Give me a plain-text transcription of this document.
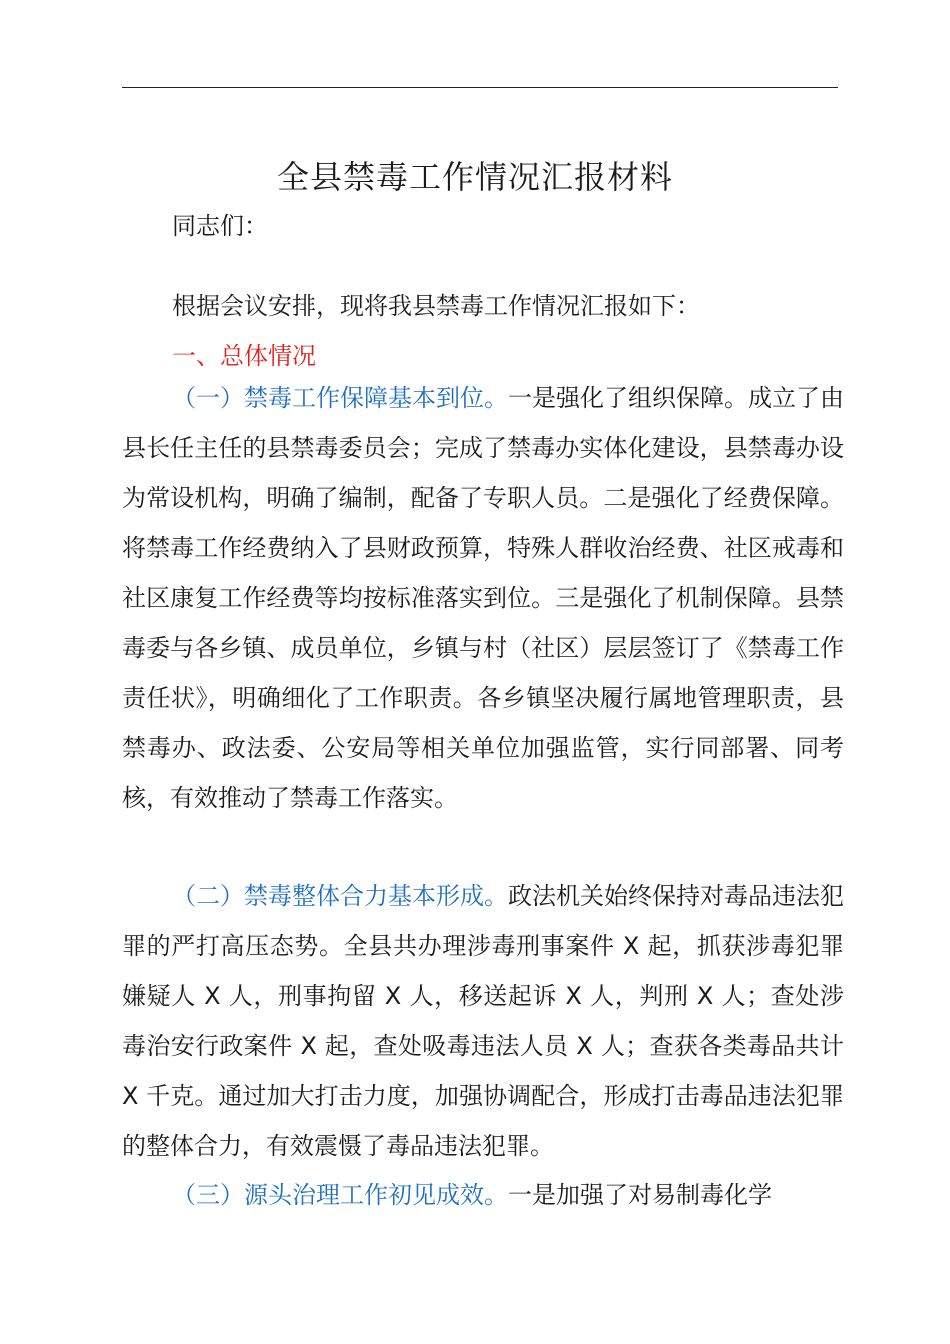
全县禁毒工作情况汇报材料
同志们：
根据会议安排，现将我县禁毒工作情况汇报如下：
一、总体情况
（一）禁毒工作保障基本到位。一是强化了组织保障。成立了由县长任主任的县禁毒委员会；完成了禁毒办实体化建设，县禁毒办设为常设机构，明确了编制，配备了专职人员。二是强化了经费保障。将禁毒工作经费纳入了县财政预算，特殊人群收治经费、社区戒毒和社区康复工作经费等均按标准落实到位。三是强化了机制保障。县禁毒委与各乡镇、成员单位，乡镇与村（社区）层层签订了《禁毒工作责任状》，明确细化了工作职责。各乡镇坚决履行属地管理职责，县禁毒办、政法委、公安局等相关单位加强监管，实行同部署、同考核，有效推动了禁毒工作落实。
（二）禁毒整体合力基本形成。政法机关始终保持对毒品违法犯罪的严打高压态势。全县共办理涉毒刑事案件 X 起，抓获涉毒犯罪嫌疑人 X 人，刑事拘留 X 人，移送起诉 X 人，判刑 X 人；查处涉毒治安行政案件 X 起，查处吸毒违法人员 X 人；查获各类毒品共计 X 千克。通过加大打击力度，加强协调配合，形成打击毒品违法犯罪的整体合力，有效震慑了毒品违法犯罪。
（三）源头治理工作初见成效。一是加强了对易制毒化学
